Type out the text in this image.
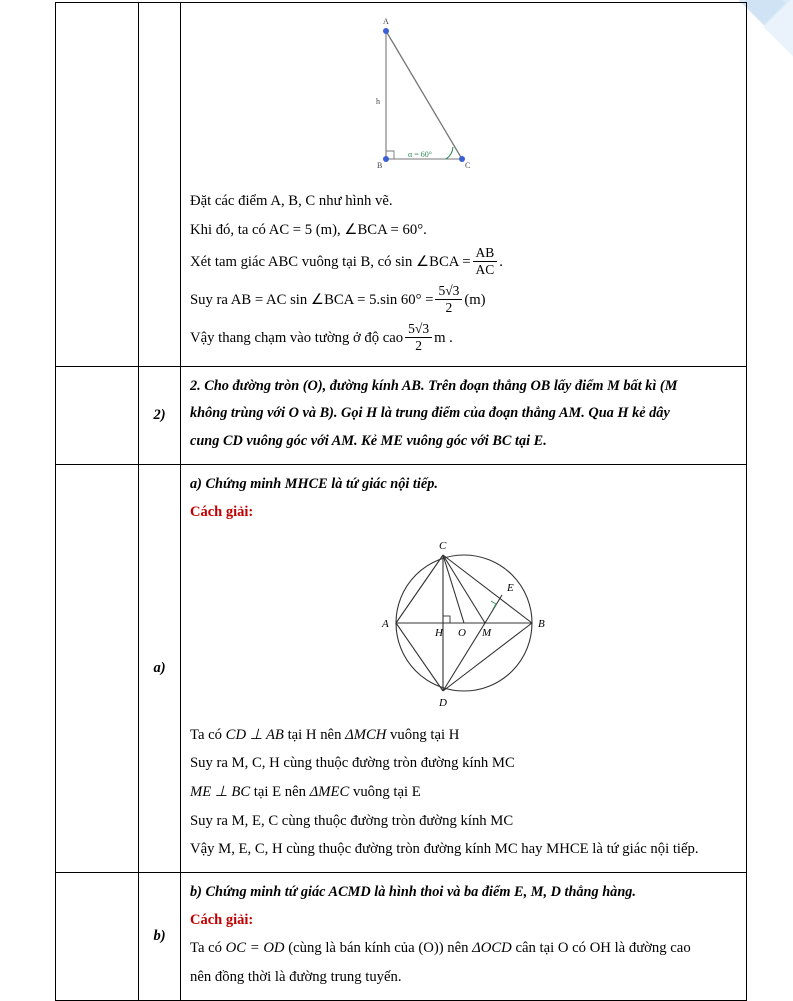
A
B	C
h
α = 60°
Đặt các điểm A, B, C như hình vẽ.
Khi đó, ta có AC = 5 (m), ∠BCA = 60°.
Xét tam giác ABC vuông tại B, có sin ∠BCA = $\frac{AB}{AC}$ .
Suy ra AB = AC sin ∠BCA = 5.sin $60^\circ = \frac{5√3}{2} (m)$
Vậy thang chạm vào tường ở độ cao $\frac{5√3}{2}$ m .

	2)	2. Cho đường tròn (O), đường kính AB. Trên đoạn thẳng OB lấy điểm M bất kì (M
không trùng với O và B). Gọi H là trung điểm của đoạn thẳng AM. Qua H kẻ dây
cung CD vuông góc với AM. Kẻ ME vuông góc với BC tại E.

	a)	
a) Chứng minh MHCE là tứ giác nội tiếp.
Cách giải:
C
D
A	B
H O M
E
Ta có CD ⊥ AB tại H nên ΔMCH vuông tại H
Suy ra M, C, H cùng thuộc đường tròn đường kính MC
ME ⊥ BC tại E nên ΔMEC vuông tại E
Suy ra M, E, C cùng thuộc đường tròn đường kính MC
Vậy M, E, C, H cùng thuộc đường tròn đường kính MC hay MHCE là tứ giác nội tiếp.

	b)	b) Chứng minh tứ giác ACMD là hình thoi và ba điểm E, M, D thẳng hàng.
Cách giải:
Ta có OC = OD (cùng là bán kính của (O)) nên ΔOCD cân tại O có OH là đường cao
nên đồng thời là đường trung tuyến.
